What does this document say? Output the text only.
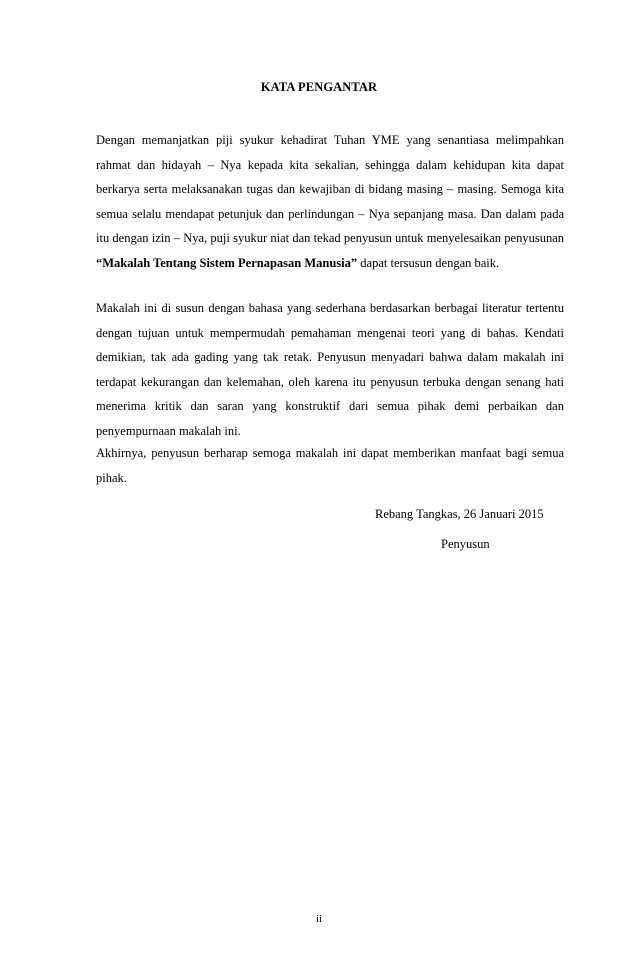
KATA PENGANTAR

Dengan memanjatkan piji syukur kehadirat Tuhan YME yang senantiasa melimpahkan rahmat dan hidayah – Nya kepada kita sekalian, sehingga dalam kehidupan kita dapat berkarya serta melaksanakan tugas dan kewajiban di bidang masing – masing. Semoga kita semua selalu mendapat petunjuk dan perlindungan – Nya sepanjang masa. Dan dalam pada itu dengan izin – Nya, puji syukur niat dan tekad penyusun untuk menyelesaikan penyusunan “Makalah Tentang Sistem Pernapasan Manusia” dapat tersusun dengan baik.

Makalah ini di susun dengan bahasa yang sederhana berdasarkan berbagai literatur tertentu dengan tujuan untuk mempermudah pemahaman mengenai teori yang di bahas. Kendati demikian, tak ada gading yang tak retak. Penyusun menyadari bahwa dalam makalah ini terdapat kekurangan dan kelemahan, oleh karena itu penyusun terbuka dengan senang hati menerima kritik dan saran yang konstruktif dari semua pihak demi perbaikan dan penyempurnaan makalah ini.

Akhirnya, penyusun berharap semoga makalah ini dapat memberikan manfaat bagi semua pihak.

Rebang Tangkas, 26 Januari 2015
Penyusun
ii
